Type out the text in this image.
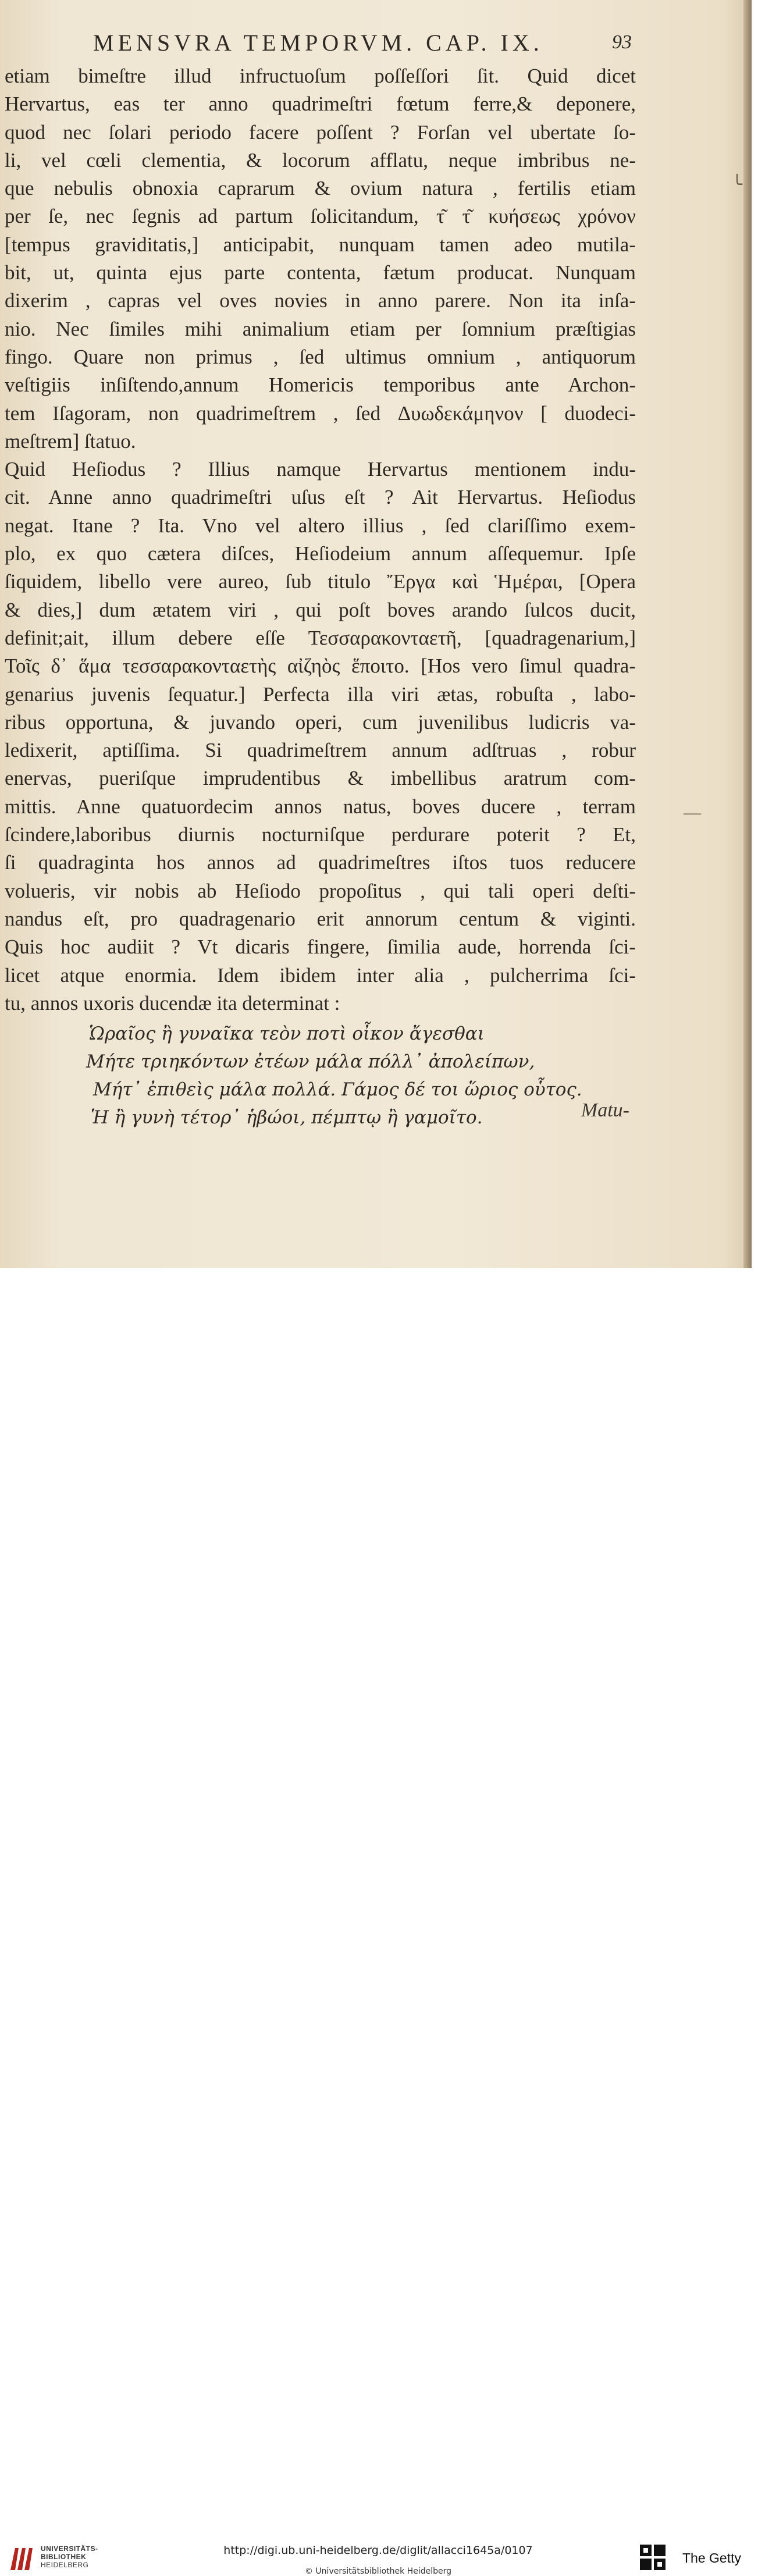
MENSVRA TEMPORVM. CAP. IX.	93
etiam bimeſtre illud infructuoſum poſſeſſori ſit. Quid dicet
Hervartus, eas ter anno quadrimeſtri fœtum ferre,& deponere,
quod nec ſolari periodo facere poſſent ? Forſan vel ubertate ſo-
li, vel cœli clementia, & locorum afflatu, neque imbribus ne-
que nebulis obnoxia caprarum & ovium natura , fertilis etiam
per ſe, nec ſegnis ad partum ſolicitandum, τ͂ τ͂ κυήσεως χρόνον
[tempus graviditatis,] anticipabit, nunquam tamen adeo mutila-
bit, ut, quinta ejus parte contenta, fætum producat. Nunquam
dixerim , capras vel oves novies in anno parere. Non ita inſa-
nio. Nec ſimiles mihi animalium etiam per ſomnium præſtigias
fingo. Quare non primus , ſed ultimus omnium , antiquorum
veſtigiis inſiſtendo,annum Homericis temporibus ante Archon-
tem Iſagoram, non quadrimeſtrem , ſed Δυωδεκάμηνον [ duodeci-
meſtrem] ſtatuo.
Quid Heſiodus ? Illius namque Hervartus mentionem indu-
cit. Anne anno quadrimeſtri uſus eſt ? Ait Hervartus. Heſiodus
negat. Itane ? Ita. Vno vel altero illius , ſed clariſſimo exem-
plo, ex quo cætera diſces, Heſiodeium annum aſſequemur. Ipſe
ſiquidem, libello vere aureo, ſub titulo Ἔργα καὶ Ἡμέραι, [Opera
& dies,] dum ætatem viri , qui poſt boves arando ſulcos ducit,
definit;ait, illum debere eſſe Τεσσαρακονταετῆ, [quadragenarium,]
Τοῖς δ᾽ ἅμα τεσσαρακονταετὴς αἰζηὸς ἕποιτο. [Hos vero ſimul quadra-
genarius juvenis ſequatur.] Perfecta illa viri ætas, robuſta , labo-
ribus opportuna, & juvando operi, cum juvenilibus ludicris va-
ledixerit, aptiſſima. Si quadrimeſtrem annum adſtruas , robur
enervas, pueriſque imprudentibus & imbellibus aratrum com-
mittis. Anne quatuordecim annos natus, boves ducere , terram
ſcindere,laboribus diurnis nocturniſque perdurare poterit ? Et,
ſi quadraginta hos annos ad quadrimeſtres iſtos tuos reducere
volueris, vir nobis ab Heſiodo propoſitus , qui tali operi deſti-
nandus eſt, pro quadragenario erit annorum centum & viginti.
Quis hoc audiit ? Vt dicaris fingere, ſimilia aude, horrenda ſci-
licet atque enormia. Idem ibidem inter alia , pulcherrima ſci-
tu, annos uxoris ducendæ ita determinat :
Ὡραῖος ἢ γυναῖκα τεὸν ποτὶ οἶκον ἄγεσθαι
Μήτε τριηκόντων ἐτέων μάλα πόλλ᾽ ἀπολείπων,
Μήτ᾽ ἐπιθεὶς μάλα πολλά. Γάμος δέ τοι ὥριος οὗτος.
Ἡ ἢ γυνὴ τέτορ᾽ ἡβώοι, πέμπτῳ ἢ γαμοῖτο.	Matu-
╰
—
UNIVERSITÄTS-
BIBLIOTHEK
HEIDELBERG
http://digi.ub.uni-heidelberg.de/diglit/allacci1645a/0107
© Universitätsbibliothek Heidelberg
The Getty
